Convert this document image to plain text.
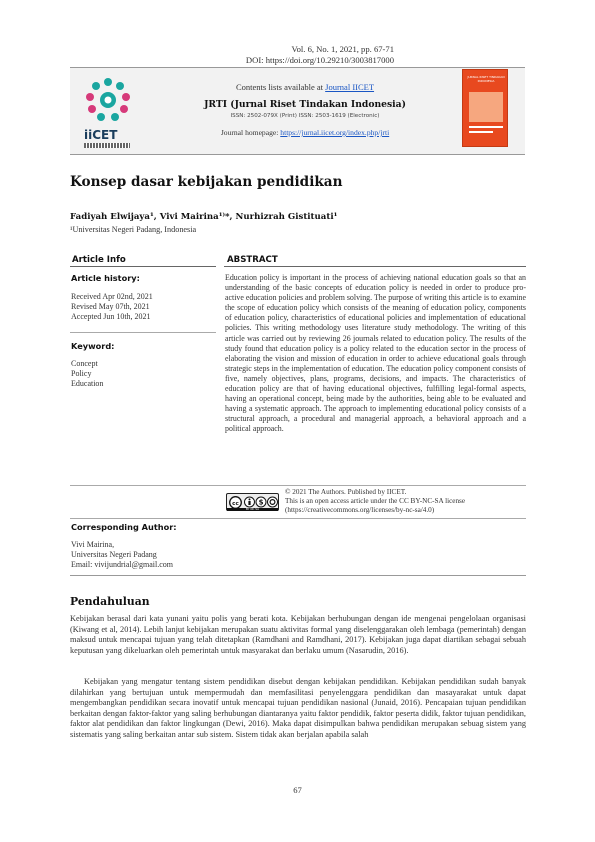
Vol. 6, No. 1, 2021, pp. 67-71
DOI: https://doi.org/10.29210/3003817000
iiCET
Contents lists available at Journal IICET
JRTI (Jurnal Riset Tindakan Indonesia)
ISSN: 2502-079X (Print) ISSN: 2503-1619 (Electronic)
Journal homepage: https://jurnal.iicet.org/index.php/jrti
JURNAL RISET TINDAKAN INDONESIA
Konsep dasar kebijakan pendidikan
Fadiyah Elwijaya¹, Vivi Mairina¹⁾*, Nurhizrah Gistituati¹
¹Universitas Negeri Padang, Indonesia
Article Info	ABSTRACT
Article history:
Received Apr 02nd, 2021
Revised May 07th, 2021
Accepted Jun 10th, 2021
Keyword:
Concept
Policy
Education
Education policy is important in the process of achieving national education goals so that an understanding of the basic concepts of education policy is needed in order to produce pro-active education policies and problem solving. The purpose of writing this article is to examine the scope of education policy which consists of the meaning of education policy, components of education policy, characteristics of educational policies and implementation of educational policies. This writing methodology uses literature study methodology. The writing of this article was carried out by reviewing 26 journals related to education policy. The results of the study found that education policy is a policy related to the education sector in the process of elaborating the vision and mission of education in order to achieve educational goals through strategic steps in the implementation of education. The education policy component consists of five, namely objectives, plans, programs, decisions, and impacts. The characteristics of education policy are that of having educational objectives, fulfilling legal-formal aspects, having an operational concept, being made by the authorities, being able to be evaluated and having a systematic approach. The approach to implementing educational policy consists of a structural approach, a procedural and managerial approach, a behavioral approach and a political approach.
cc	$
BY NC SA
© 2021 The Authors. Published by IICET.
This is an open access article under the CC BY-NC-SA license
(https://creativecommons.org/licenses/by-nc-sa/4.0)
Corresponding Author:
Vivi Mairina,
Universitas Negeri Padang
Email: vivijundrial@gmail.com
Pendahuluan
Kebijakan berasal dari kata yunani yaitu polis yang berati kota. Kebijakan berhubungan dengan ide mengenai pengelolaan organisasi (Kiwang et al, 2014). Lebih lanjut kebijakan merupakan suatu aktivitas formal yang diselenggarakan oleh lembaga (pemerintah) dengan maksud untuk mencapai tujuan yang telah ditetapkan (Ramdhani and Ramdhani, 2017). Kebijakan juga dapat diartikan sebagai sebuah keputusan yang dikeluarkan oleh pemerintah untuk masyarakat dan berlaku umum (Nasarudin, 2016).
Kebijakan yang mengatur tentang sistem pendidikan disebut dengan kebijakan pendidikan. Kebijakan pendidikan sudah banyak dilahirkan yang bertujuan untuk mempermudah dan memfasilitasi penyelenggara pendidikan dan masayarakat untuk dapat mengembangkan pendidikan secara inovatif untuk mencapai tujuan pendidikan nasional (Junaid, 2016). Pencapaian tujuan pendidikan berkaitan dengan faktor-faktor yang saling berhubungan diantaranya yaitu faktor pendidik, faktor peserta didik, faktor tujuan pendidikan, faktor alat pendidikan dan faktor lingkungan (Dewi, 2016). Maka dapat disimpulkan bahwa pendidikan merupakan sebuag sistem yang sistematis yang saling berkaitan antar sub sistem. Sistem tidak akan berjalan apabila salah
67
